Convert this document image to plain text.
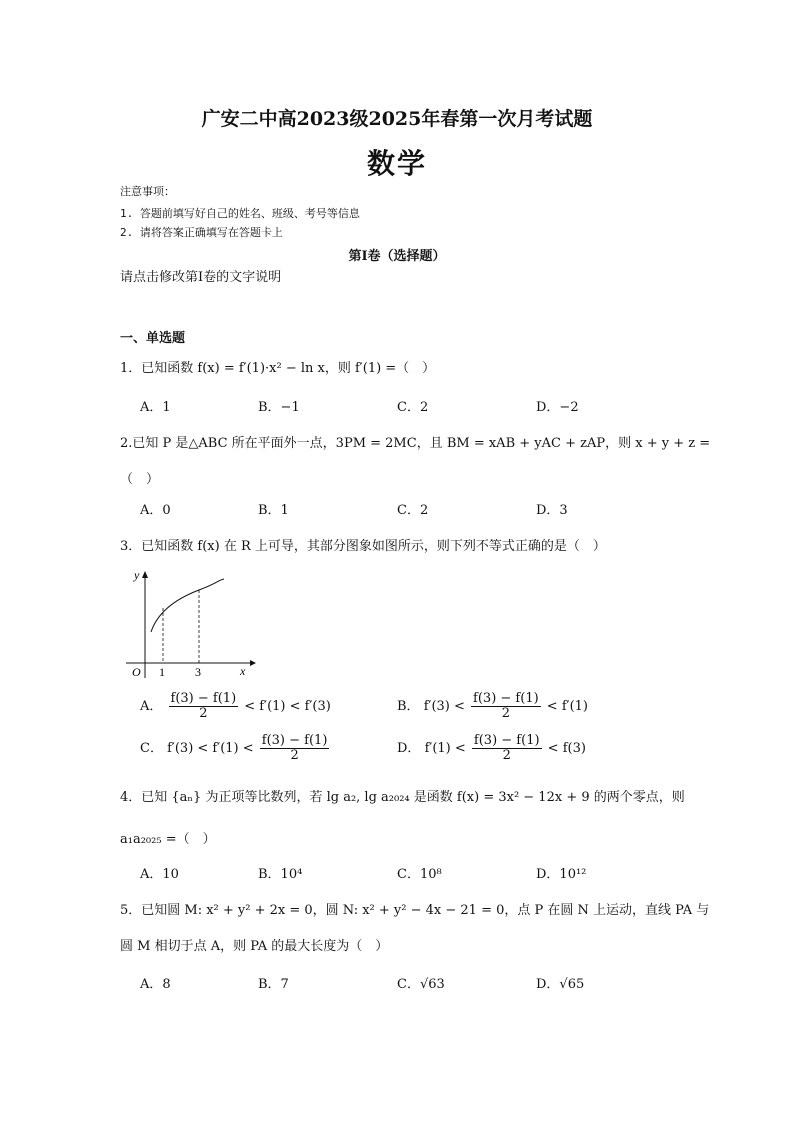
广安二中高2023级2025年春第一次月考试题
数学
注意事项：
1. 答题前填写好自己的姓名、班级、考号等信息
2. 请将答案正确填写在答题卡上
第I卷（选择题）
请点击修改第I卷的文字说明
一、单选题
1．已知函数 f(x) = f′(1)·x² − ln x，则 f′(1) =（　）
A．1	B．−1	C．2	D．−2
2.已知 P 是△ABC 所在平面外一点，3PM = 2MC，且 BM = xAB + yAC + zAP，则 x + y + z =
（　）
A．0	B．1	C．2	D．3
3．已知函数 f(x) 在 R 上可导，其部分图象如图所示，则下列不等式正确的是（　）
y
x
O 1	3
A． $\frac{f(3) - f(1)}{2} < f'(1) < f'(3)$	B． $f'(3) < \frac{f(3) - f(1)}{2} < f'(1)$
C． $f'(3) < f'(1) < \frac{f(3) - f(1)}{2}$	D． $f'(1) < \frac{f(3) - f(1)}{2} < f(3)$
4．已知 {aₙ} 为正项等比数列，若 lg a₂, lg a₂₀₂₄ 是函数 f(x) = 3x² − 12x + 9 的两个零点，则
a₁a₂₀₂₅ =（　）
A．10	B．10⁴	C．10⁸	D．10¹²
5．已知圆 M: x² + y² + 2x = 0，圆 N: x² + y² − 4x − 21 = 0，点 P 在圆 N 上运动，直线 PA 与
圆 M 相切于点 A，则 PA 的最大长度为（　）
A．8	B．7	C．√63	D．√65
